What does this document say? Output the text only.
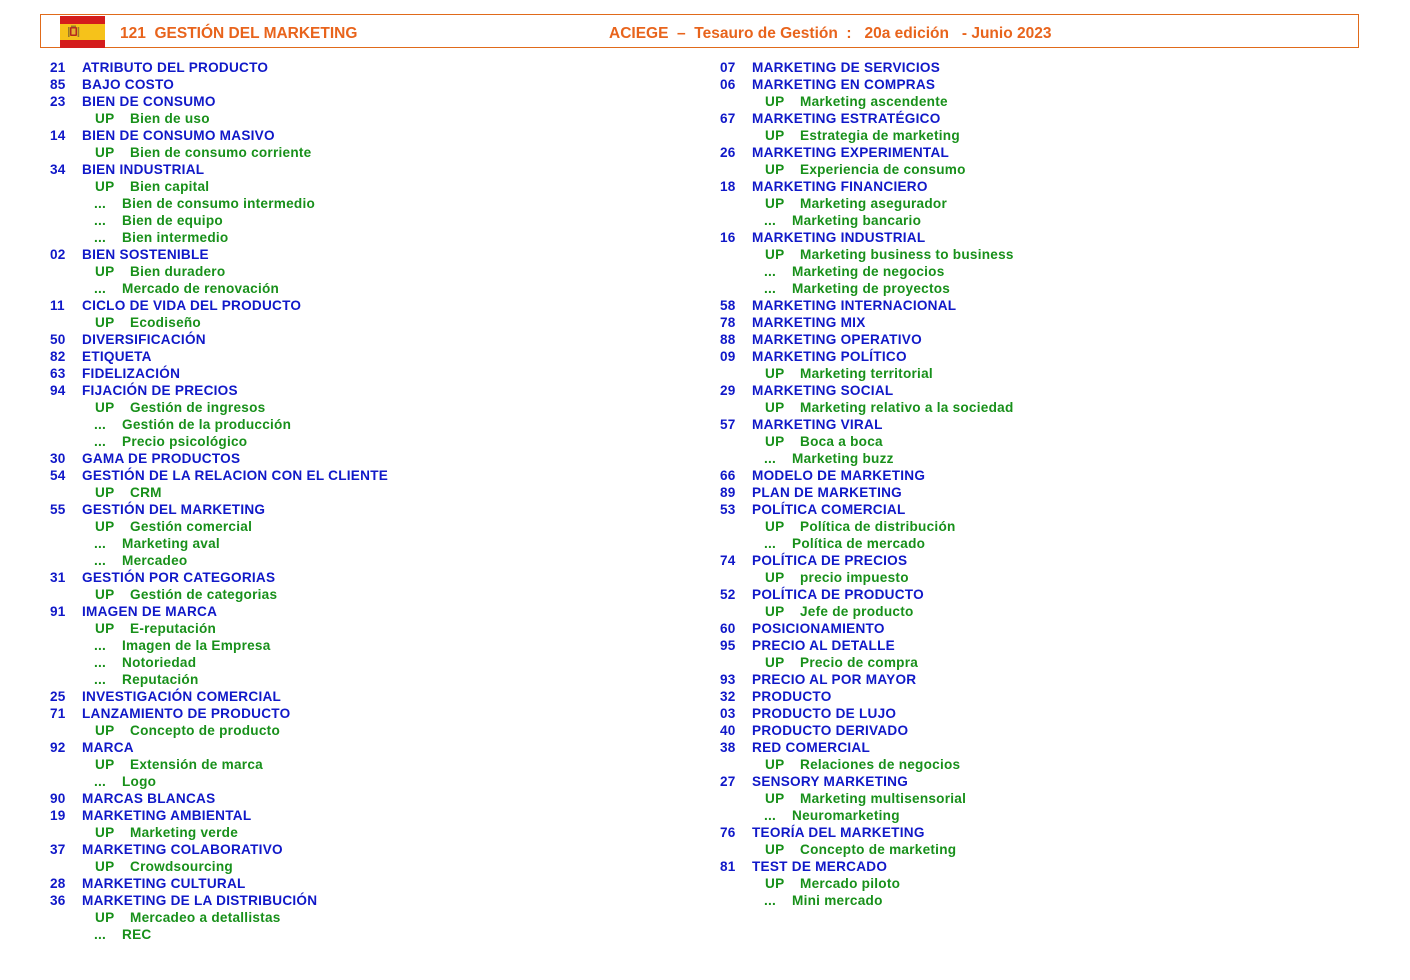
121  GESTIÓN DEL MARKETING	ACIEGE  –  Tesauro de Gestión  :   20a edición   - Junio 2023
21 ATRIBUTO DEL PRODUCTO
85 BAJO COSTO
23 BIEN DE CONSUMO
UP Bien de uso
14 BIEN DE CONSUMO MASIVO
UP Bien de consumo corriente
34 BIEN INDUSTRIAL
UP Bien capital
... Bien de consumo intermedio
... Bien de equipo
... Bien intermedio
02 BIEN SOSTENIBLE
UP Bien duradero
... Mercado de renovación
11 CICLO DE VIDA DEL PRODUCTO
UP Ecodiseño
50 DIVERSIFICACIÓN
82 ETIQUETA
63 FIDELIZACIÓN
94 FIJACIÓN DE PRECIOS
UP Gestión de ingresos
... Gestión de la producción
... Precio psicológico
30 GAMA DE PRODUCTOS
54 GESTIÓN DE LA RELACION CON EL CLIENTE
UP CRM
55 GESTIÓN DEL MARKETING
UP Gestión comercial
... Marketing aval
... Mercadeo
31 GESTIÓN POR CATEGORIAS
UP Gestión de categorias
91 IMAGEN DE MARCA
UP E-reputación
... Imagen de la Empresa
... Notoriedad
... Reputación
25 INVESTIGACIÓN COMERCIAL
71 LANZAMIENTO DE PRODUCTO
UP Concepto de producto
92 MARCA
UP Extensión de marca
... Logo
90 MARCAS BLANCAS
19 MARKETING AMBIENTAL
UP Marketing verde
37 MARKETING COLABORATIVO
UP Crowdsourcing
28 MARKETING CULTURAL
36 MARKETING DE LA DISTRIBUCIÓN
UP Mercadeo a detallistas
... REC
07 MARKETING DE SERVICIOS
06 MARKETING EN COMPRAS
UP Marketing ascendente
67 MARKETING ESTRATÉGICO
UP Estrategia de marketing
26 MARKETING EXPERIMENTAL
UP Experiencia de consumo
18 MARKETING FINANCIERO
UP Marketing asegurador
... Marketing bancario
16 MARKETING INDUSTRIAL
UP Marketing business to business
... Marketing de negocios
... Marketing de proyectos
58 MARKETING INTERNACIONAL
78 MARKETING MIX
88 MARKETING OPERATIVO
09 MARKETING POLÍTICO
UP Marketing territorial
29 MARKETING SOCIAL
UP Marketing relativo a la sociedad
57 MARKETING VIRAL
UP Boca a boca
... Marketing buzz
66 MODELO DE MARKETING
89 PLAN DE MARKETING
53 POLÍTICA COMERCIAL
UP Política de distribución
... Política de mercado
74 POLÍTICA DE PRECIOS
UP precio impuesto
52 POLÍTICA DE PRODUCTO
UP Jefe de producto
60 POSICIONAMIENTO
95 PRECIO AL DETALLE
UP Precio de compra
93 PRECIO AL POR MAYOR
32 PRODUCTO
03 PRODUCTO DE LUJO
40 PRODUCTO DERIVADO
38 RED COMERCIAL
UP Relaciones de negocios
27 SENSORY MARKETING
UP Marketing multisensorial
... Neuromarketing
76 TEORÍA DEL MARKETING
UP Concepto de marketing
81 TEST DE MERCADO
UP Mercado piloto
... Mini mercado
